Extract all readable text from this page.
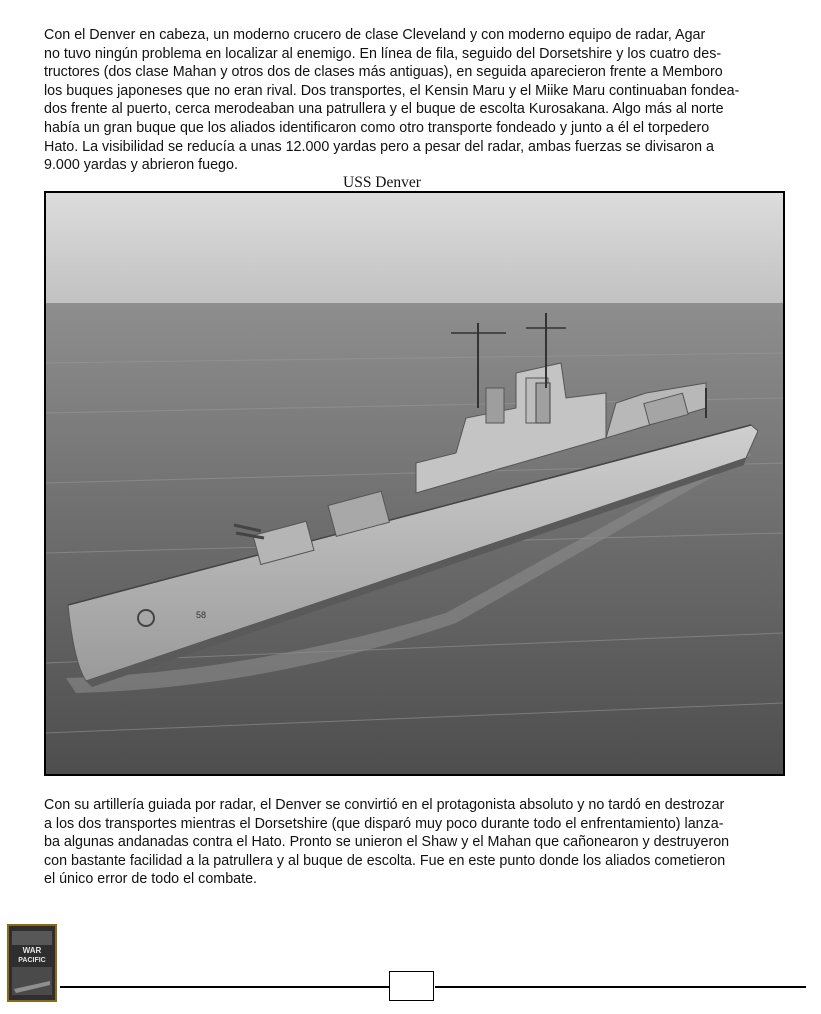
Con el Denver en cabeza, un moderno crucero de clase Cleveland y con moderno equipo de radar, Agar
no tuvo ningún problema en localizar al enemigo. En línea de fila, seguido del Dorsetshire y los cuatro des-
tructores (dos clase Mahan y otros dos de clases más antiguas), en seguida aparecieron frente a Memboro
los buques japoneses que no eran rival. Dos transportes, el Kensin Maru y el Miike Maru continuaban fondea-
dos frente al puerto, cerca merodeaban una patrullera y el buque de escolta Kurosakana. Algo más al norte
había un gran buque que los aliados identificaron como otro transporte fondeado y junto a él el torpedero
Hato. La visibilidad se reducía a unas 12.000 yardas pero a pesar del radar, ambas fuerzas se divisaron a
9.000 yardas y abrieron fuego.
USS Denver
58
Con su artillería guiada por radar, el Denver se convirtió en el protagonista absoluto y no tardó en destrozar
a los dos transportes mientras el Dorsetshire (que disparó muy poco durante todo el enfrentamiento) lanza-
ba algunas andanadas contra el Hato. Pronto se unieron el Shaw y el Mahan que cañonearon y destruyeron
con bastante facilidad a la patrullera y al buque de escolta. Fue en este punto donde los aliados cometieron
el único error de todo el combate.
WAR
PACIFIC
